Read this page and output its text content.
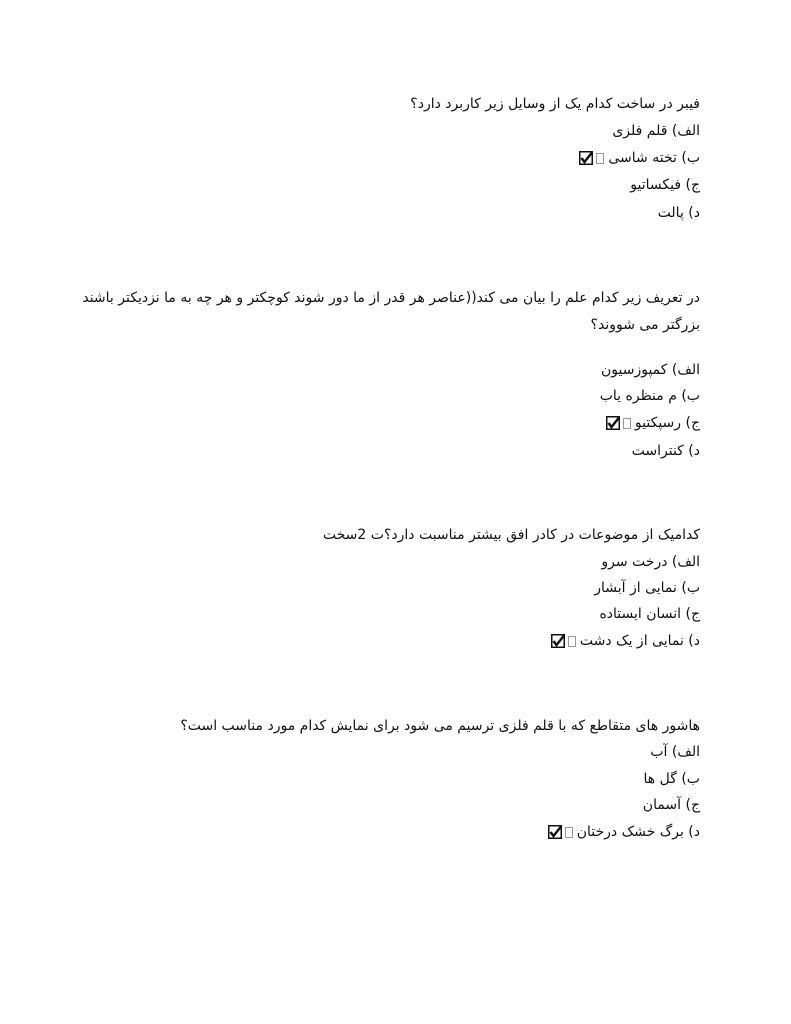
فیبر در ساخت کدام یک از وسایل زیر کاربرد دارد؟
الف) قلم فلزی
ب) تخته شاسی
ج) فیکساتیو
د) پالت
در تعریف زیر کدام علم را بیان می کند((عناصر هر قدر از ما دور شوند کوچکتر و هر چه به ما نزدیکتر باشند
بزرگتر می شووند؟
الف) کمپوزسیون
ب) م منظره یاب
ج) رسپکتیو
د) کنتراست
کدامیک از موضوعات در کادر افق بیشتر مناسبت دارد؟ت 2سخت
الف) درخت سرو
ب) نمایی از آبشار
ج) انسان ایستاده
د) نمایی از یک دشت
هاشور های متقاطع که با قلم فلزی ترسیم می شود برای نمایش کدام مورد مناسب است؟
الف) آب
ب) گل ها
ج) آسمان
د) برگ خشک درختان
